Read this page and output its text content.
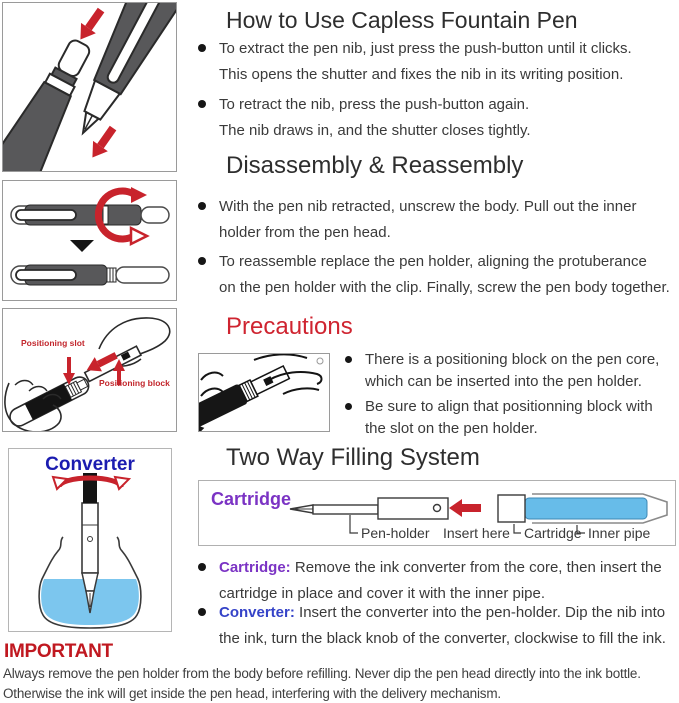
Positioning slot
Positioning block
Converter
How to Use Capless Fountain Pen

To extract the pen nib, just press the push-button until it clicks.

This opens the shutter and fixes the nib in its writing position.

To retract the nib, press the push-button again.

The nib draws in, and the shutter closes tightly.

Disassembly & Reassembly

With the pen nib retracted, unscrew the body. Pull out the inner

holder from the pen head.

To reassemble replace the pen holder, aligning the protuberance

on the pen holder with the clip. Finally, screw the pen body together.

Precautions

There is a positioning block on the pen core,

which can be inserted into the pen holder.

Be sure to align that positionning block with

the slot on the pen holder.

Two Way Filling System
Cartridge
Pen-holder Insert here Cartridge Inner pipe

Cartridge: Remove the ink converter from the core, then insert the

cartridge in place and cover it with the inner pipe.

Converter: Insert the converter into the pen-holder. Dip the nib into

the ink, turn the black knob of the converter, clockwise to fill the ink.

IMPORTANT
Always remove the pen holder from the body before refilling. Never dip the pen head directly into the ink bottle.
Otherwise the ink will get inside the pen head, interfering with the delivery mechanism.
